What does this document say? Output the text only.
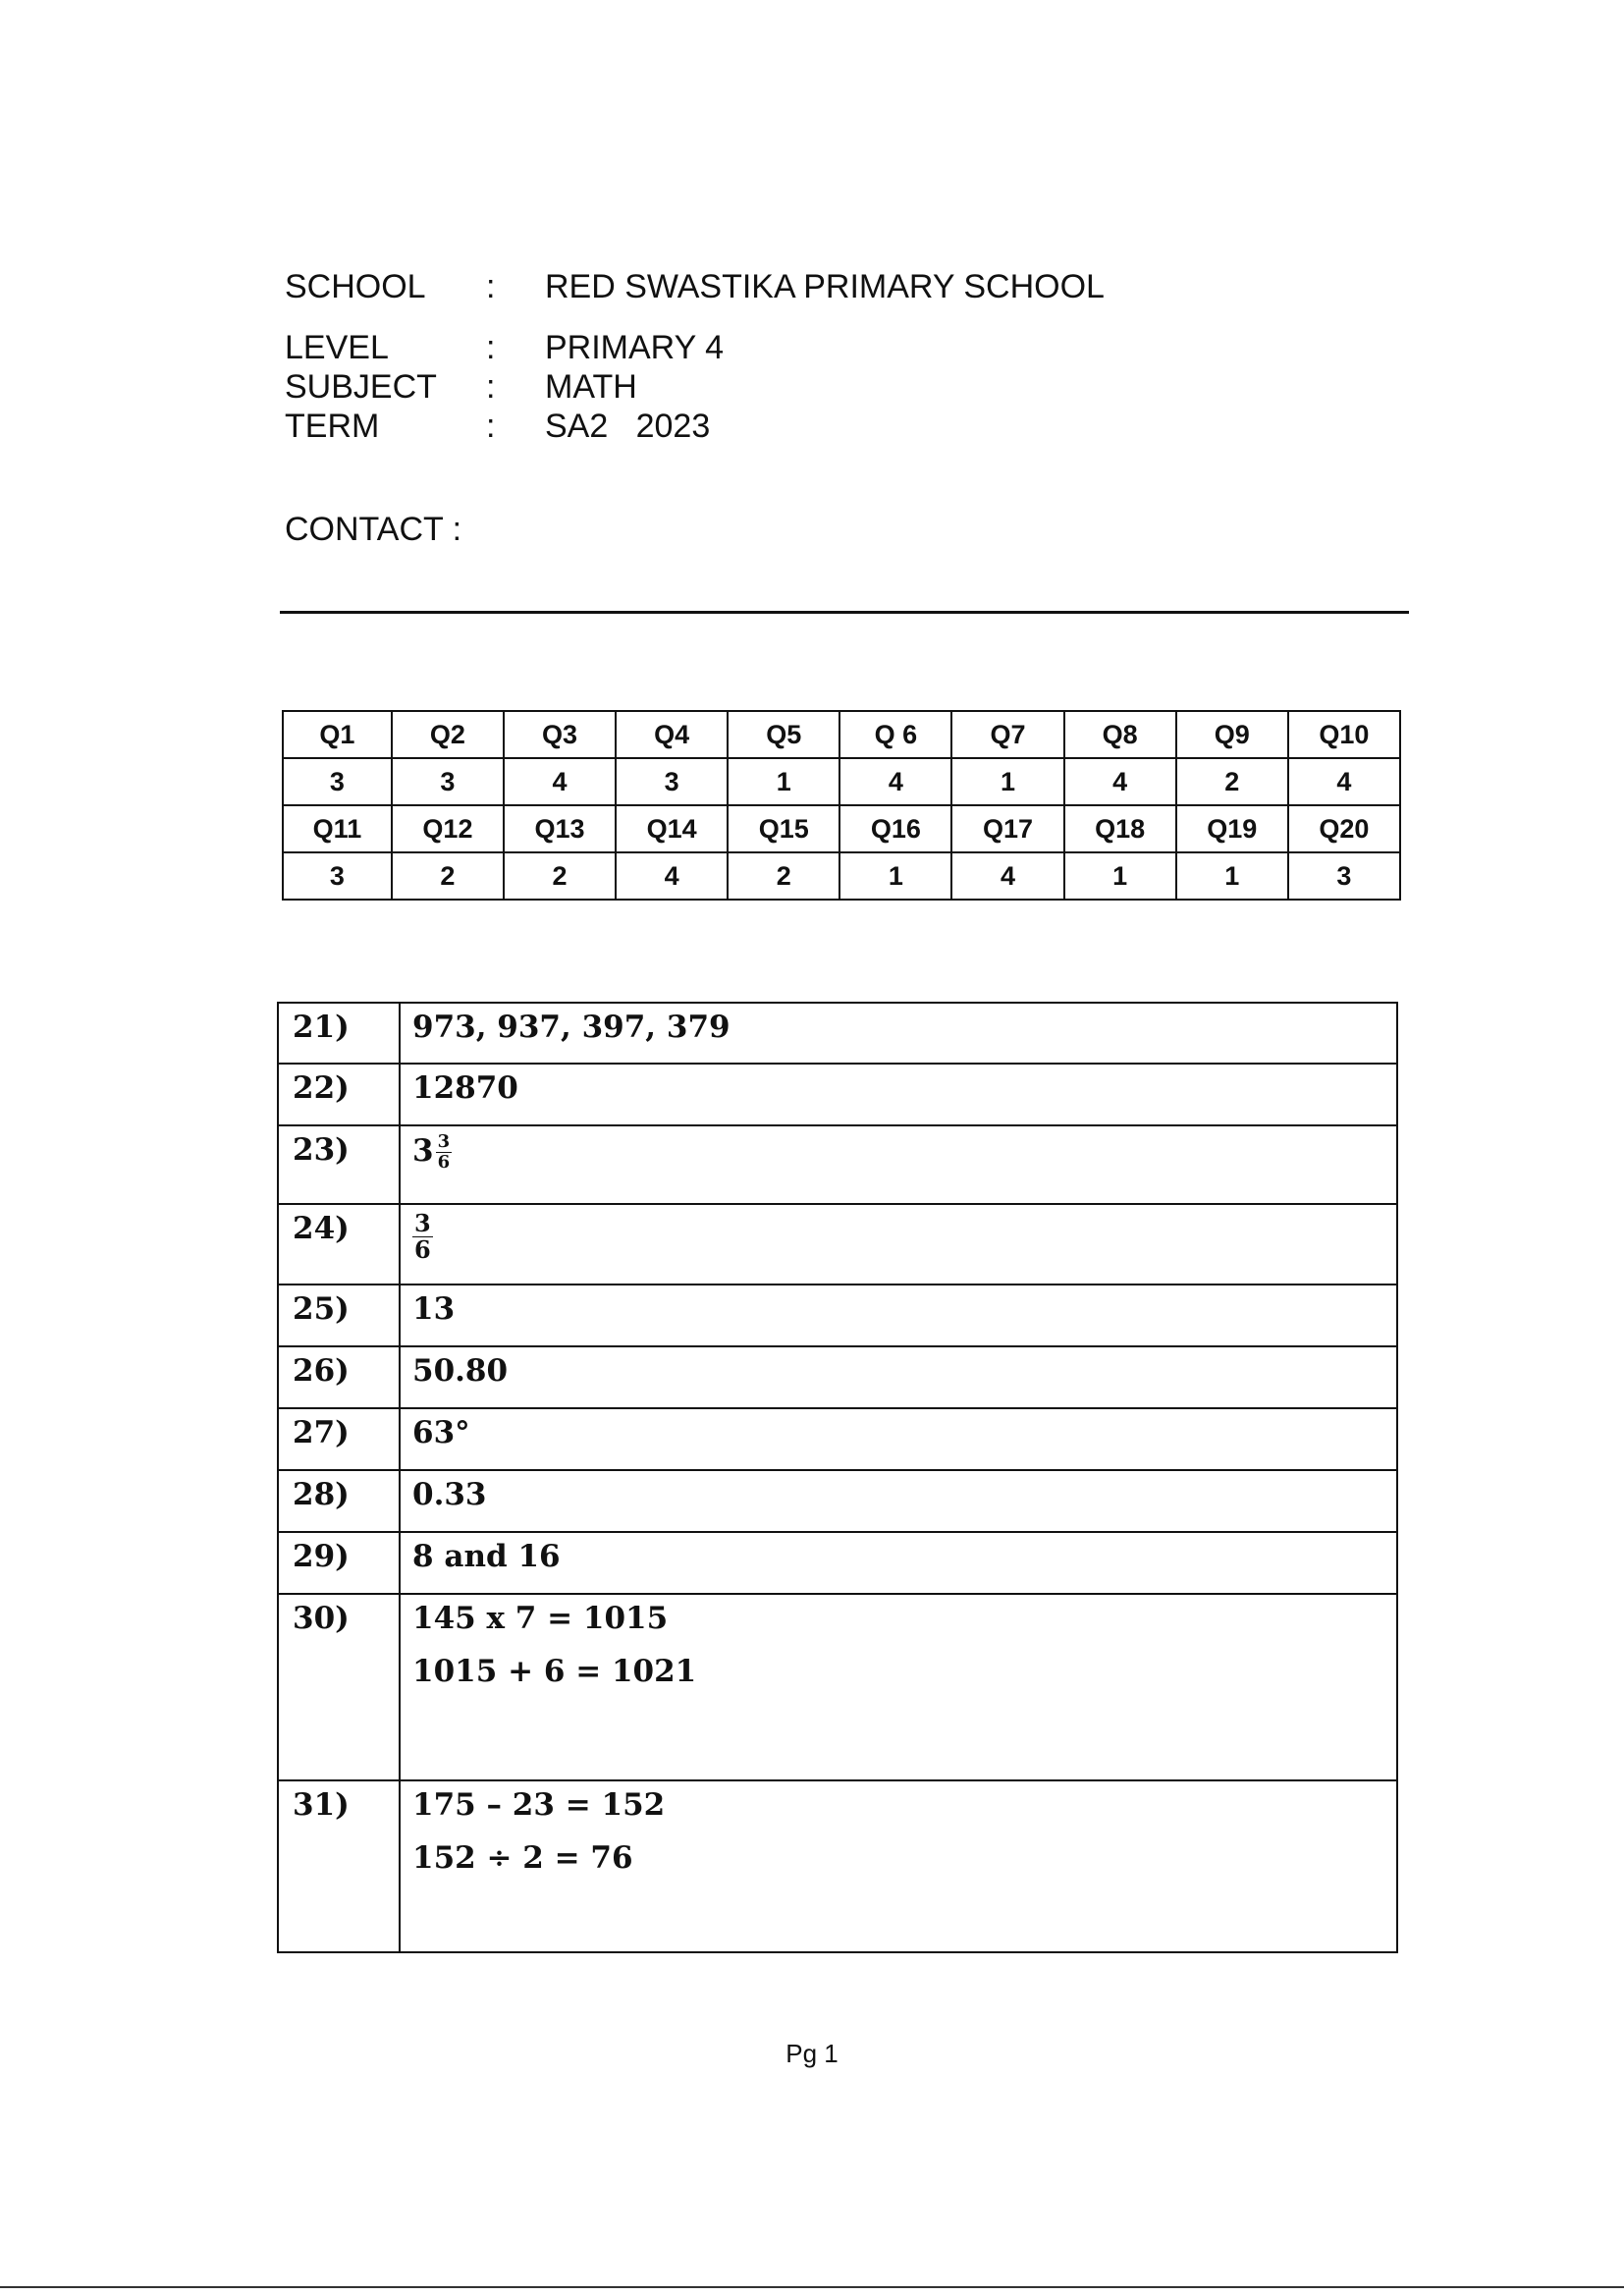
SCHOOL	:	RED SWASTIKA PRIMARY SCHOOL
LEVEL	:	PRIMARY 4
SUBJECT	:	MATH
TERM	:	SA2   2023
CONTACT :
Q1	Q2	Q3	Q4	Q5	Q 6	Q7	Q8	Q9	Q10
3	3	4	3	1	4	1	4	2	4
Q11	Q12	Q13	Q14	Q15	Q16	Q17	Q18	Q19	Q20
3	2	2	4	2	1	4	1	1	3
21)	973, 937, 397, 379
22)	12870
23)	$3 \frac{3}{6}$

24)	$\frac{3}{6}$

25)	13
26)	50.80
27)	63°
28)	0.33
29)	8 and 16
30)	145 x 7 = 1015
1015 + 6 = 1021

31)	175 – 23 = 152
152 ÷ 2 = 76
Pg 1
